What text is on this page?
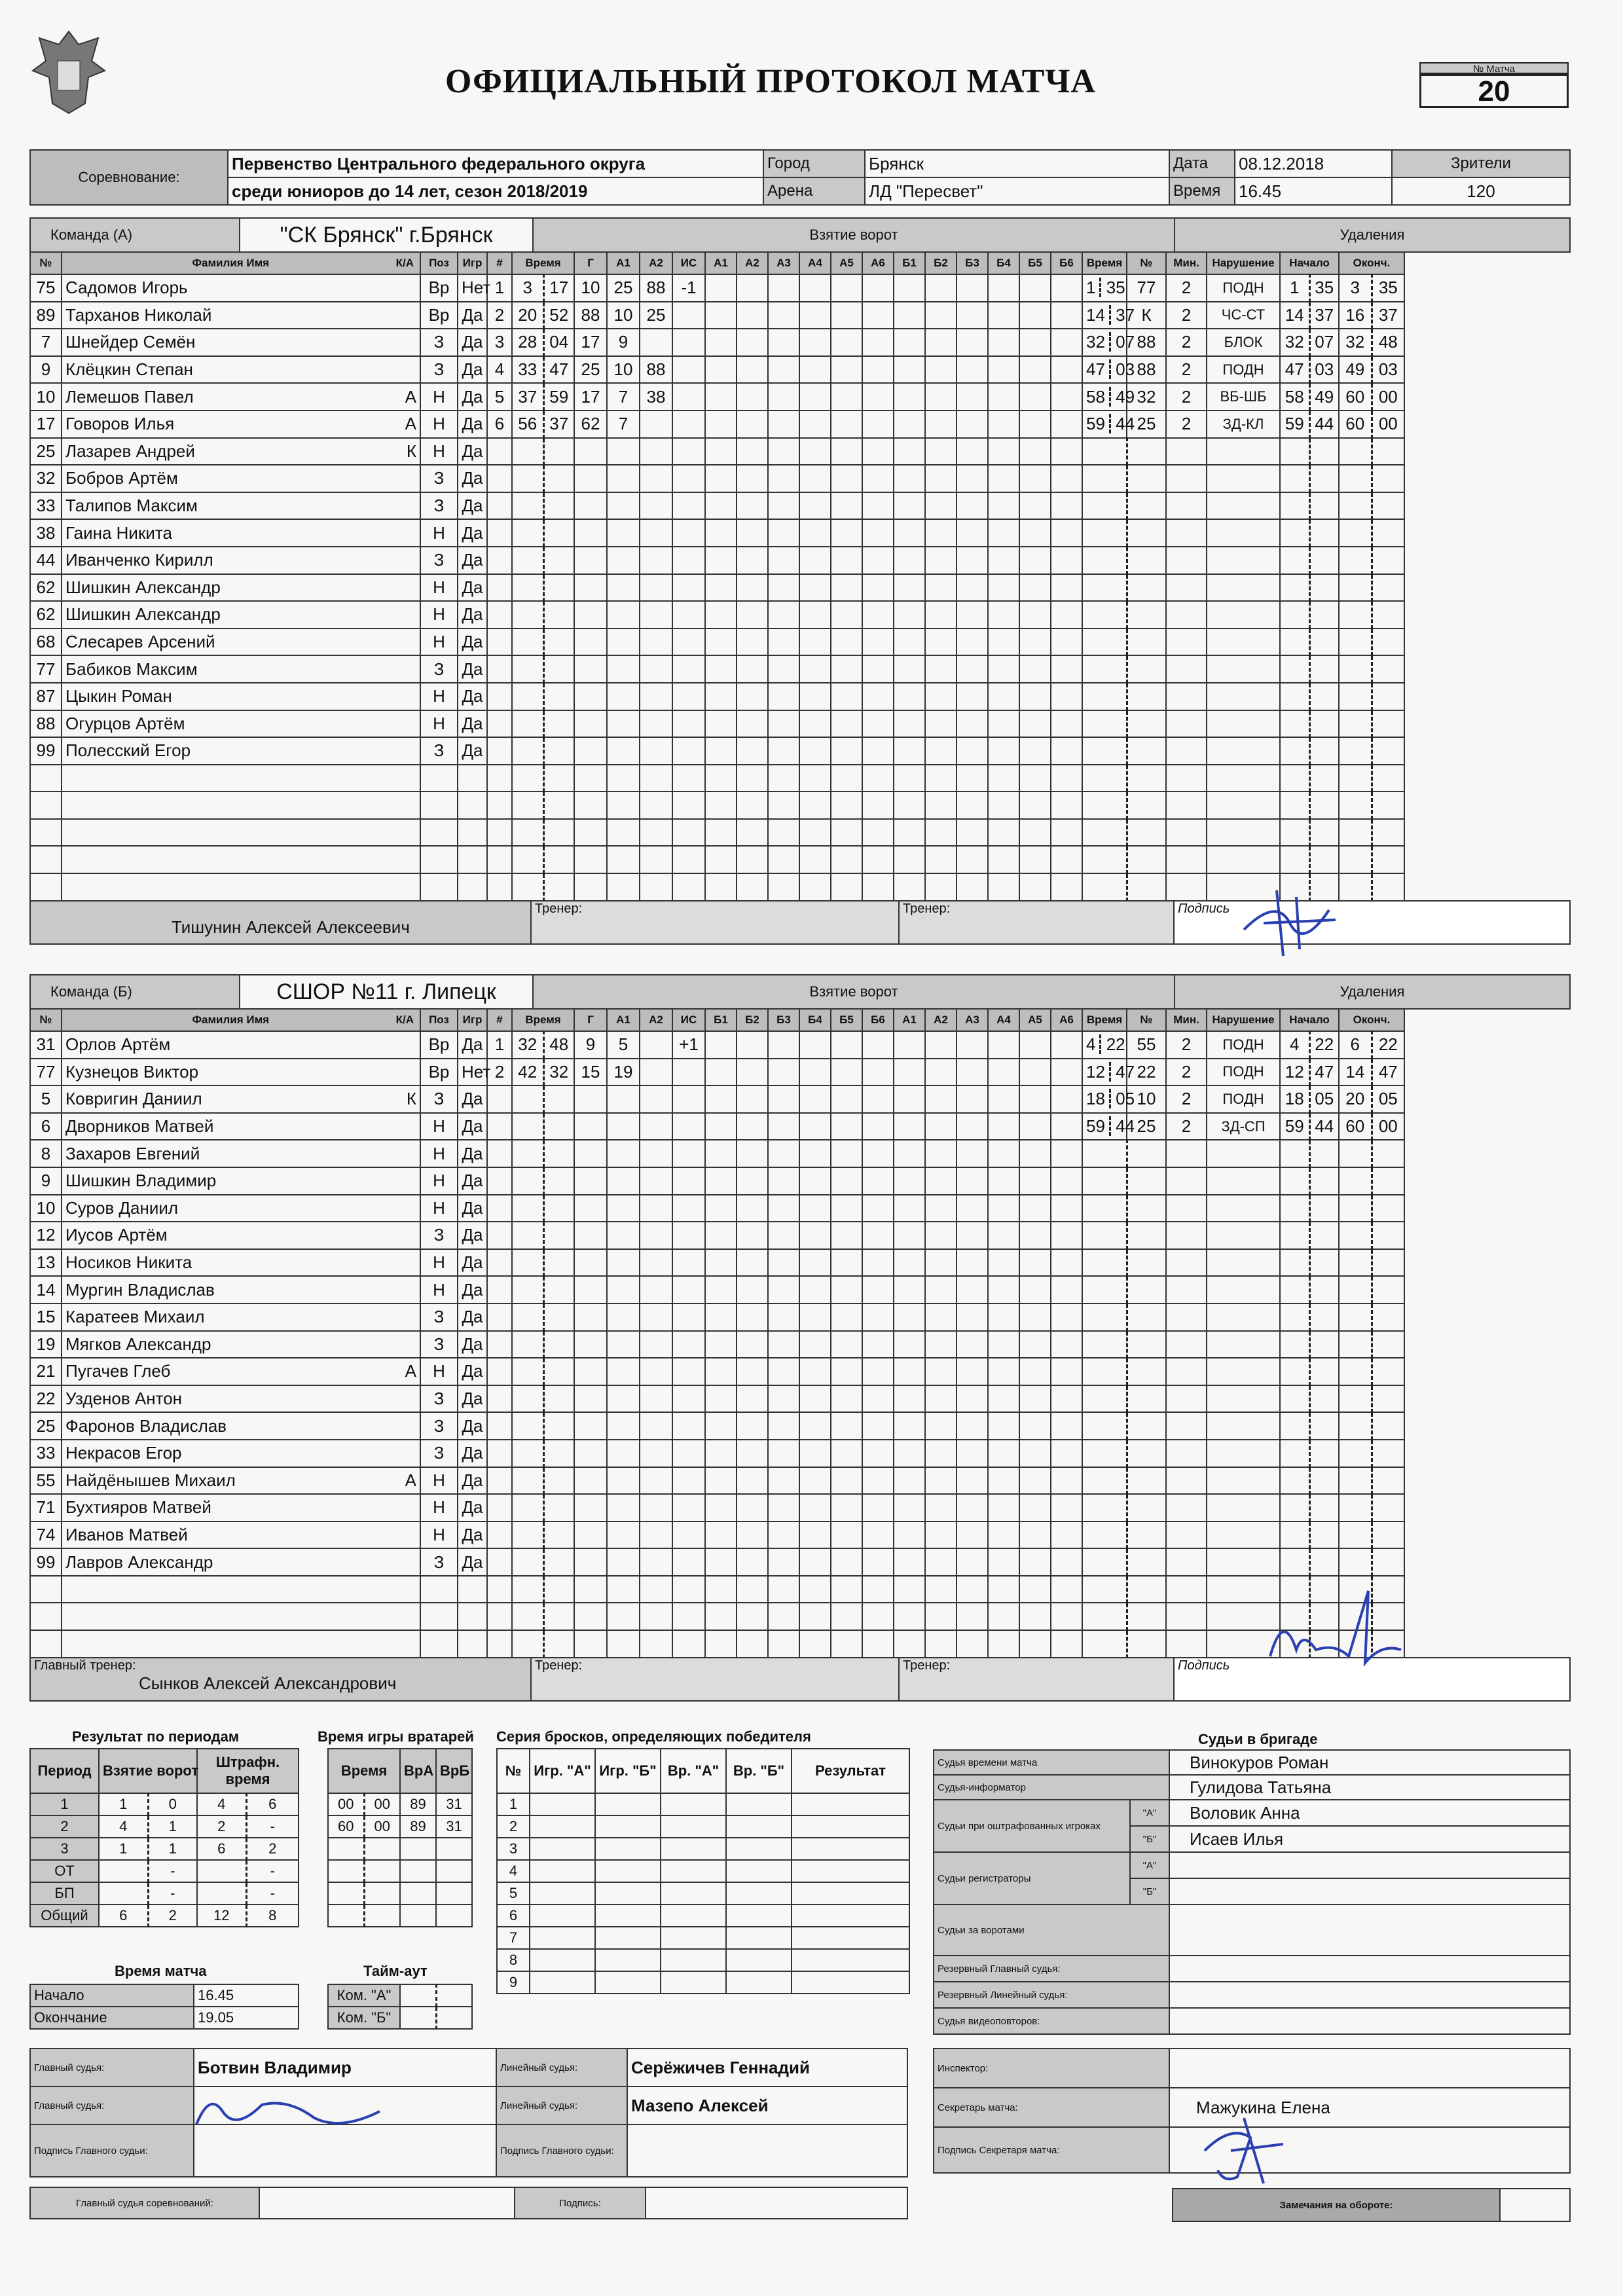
ОФИЦИАЛЬНЫЙ ПРОТОКОЛ МАТЧА	№ Матча
20
Соревнование:	Первенство Центрального федерального округа	Город	Брянск	Дата	08.12.2018	Зрители
	среди юниоров до 14 лет, сезон 2018/2019	Арена	ЛД "Пересвет"	Время	16.45	120
Команда (А)	"СК Брянск" г.Брянск	Взятие ворот	Удаления
№	Фамилия Имя К/А	Поз	Игр	#	Время		Г	А1	А2	ИС	А1	А2	А3	А4	А5	А6	Б1	Б2	Б3	Б4	Б5	Б6	Время	№	Мин.	Нарушение	Начало		Оконч.	
75	Садомов Игорь	Вр	Нет	1	3	17	10	25	88	-1													1 35	77	2	ПОДН	1	35	3	35
89	Тарханов Николай	Вр	Да	2	20	52	88	10	25														14 37	К	2	ЧС-СТ	14	37	16	37
7	Шнейдер Семён	З	Да	3	28	04	17	9															32 07	88	2	БЛОК	32	07	32	48
9	Клёцкин Степан	З	Да	4	33	47	25	10	88														47 03	88	2	ПОДН	47	03	49	03
10	Лемешов Павел А	Н	Да	5	37	59	17	7	38														58 49	32	2	ВБ-ШБ	58	49	60	00
17	Говоров Илья А	Н	Да	6	56	37	62	7															59 44	25	2	ЗД-КЛ	59	44	60	00
25	Лазарев Андрей К	Н	Да																											
32	Бобров Артём	З	Да																											
33	Талипов Максим	З	Да																											
38	Гаина Никита	Н	Да																											
44	Иванченко Кирилл	З	Да																											
62	Шишкин Александр	Н	Да																											
62	Шишкин Александр	Н	Да																											
68	Слесарев Арсений	Н	Да																											
77	Бабиков Максим	З	Да																											
87	Цыкин Роман	Н	Да																											
88	Огурцов Артём	Н	Да																											
99	Полесский Егор	З	Да																											

Тишунин Алексей Алексеевич
	Тренер:	Тренер:	Подпись
Команда (Б)	СШОР №11 г. Липецк	Взятие ворот	Удаления
№	Фамилия Имя К/А	Поз	Игр	#	Время		Г	А1	А2	ИС	Б1	Б2	Б3	Б4	Б5	Б6	А1	А2	А3	А4	А5	А6	Время	№	Мин.	Нарушение	Начало		Оконч.	
31	Орлов Артём	Вр	Да	1	32	48	9	5		+1													4 22	55	2	ПОДН	4	22	6	22
77	Кузнецов Виктор	Вр	Нет	2	42	32	15	19															12 47	22	2	ПОДН	12	47	14	47
5	Ковригин Даниил К	З	Да																				18 05	10	2	ПОДН	18	05	20	05
6	Дворников Матвей	Н	Да																				59 44	25	2	ЗД-СП	59	44	60	00
8	Захаров Евгений	Н	Да																											
9	Шишкин Владимир	Н	Да																											
10	Суров Даниил	Н	Да																											
12	Иусов Артём	З	Да																											
13	Носиков Никита	Н	Да																											
14	Мургин Владислав	Н	Да																											
15	Каратеев Михаил	З	Да																											
19	Мягков Александр	З	Да																											
21	Пугачев Глеб А	Н	Да																											
22	Узденов Антон	З	Да																											
25	Фаронов Владислав	З	Да																											
33	Некрасов Егор	З	Да																											
55	Найдёнышев Михаил А	Н	Да																											
71	Бухтияров Матвей	Н	Да																											
74	Иванов Матвей	Н	Да																											
99	Лавров Александр	З	Да																											

Главный тренер:
Сынков Алексей Александрович
	Тренер:	Тренер:	Подпись
Результат по периодам
Период	Взятие ворот		Штрафн. время	
1	1	0	4	6
2	4	1	2	-
3	1	1	6	2
ОТ		-		-
БП		-		-
Общий	6	2	12	8
Время игры вратарей
Время		ВрА	ВрБ
00	00	89	31
60	00	89	31

Серия бросков, определяющих победителя
№	Игр. "А"	Игр. "Б"	Вр. "А"	Вр. "Б"	Результат
1					
2					
3					
4					
5					
6					
7					
8					
9					
Время матча
Начало	16.45
Окончание	19.05
Тайм-аут
Ком. "А"		
Ком. "Б"		
Судьи в бригаде
Судья времени матча		Винокуров Роман
Судья-информатор		Гулидова Татьяна
Судьи при оштрафованных игроках	"А"	Воловик Анна
	"Б"	Исаев Илья
Судьи регистраторы	"А"	
	"Б"	
Судьи за воротами		
Резервный Главный судья:		
Резервный Линейный судья:		
Судья видеоповторов:		
Инспектор:	
Секретарь матча:	Мажукина Елена
Подпись Секретаря матча:	
Замечания на обороте:	
Главный судья:	Ботвин Владимир	Линейный судья:	Серёжичев Геннадий
Главный судья:		Линейный судья:	Мазепо Алексей
Подпись Главного судьи:		Подпись Главного судьи:	
Главный судья соревнований:		Подпись:	
